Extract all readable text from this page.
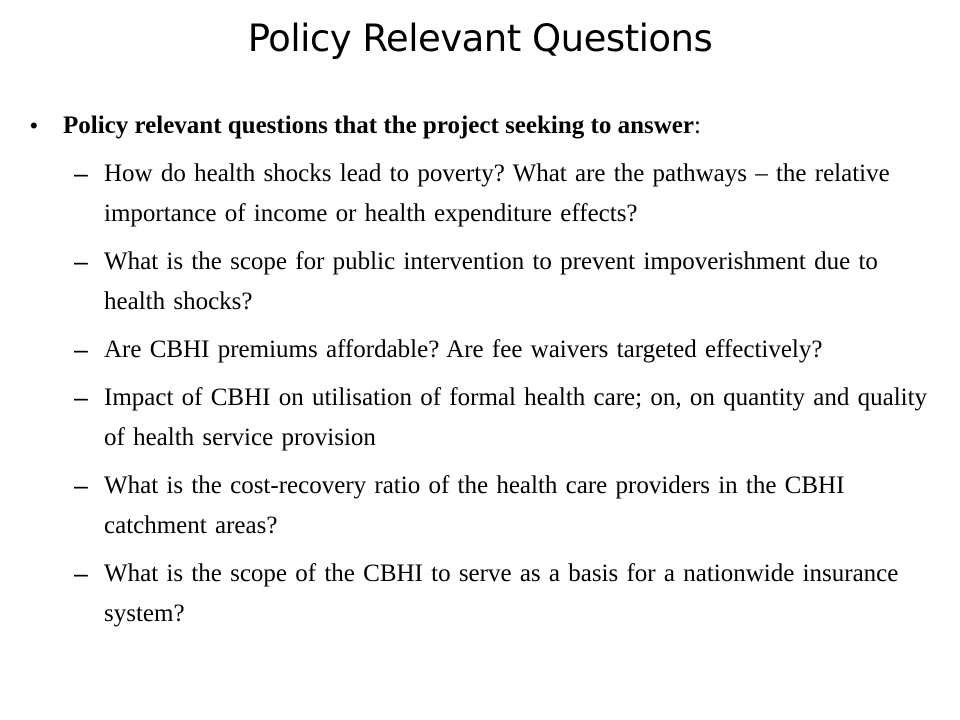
Policy Relevant Questions
• Policy relevant questions that the project seeking to answer:
– How do health shocks lead to poverty? What are the pathways – the relative importance of income or health expenditure effects?
– What is the scope for public intervention to prevent impoverishment due to health shocks?
– Are CBHI premiums affordable? Are fee waivers targeted effectively?
– Impact of CBHI on utilisation of formal health care; on, on quantity and quality of health service provision
– What is the cost-recovery ratio of the health care providers in the CBHI catchment areas?
– What is the scope of the CBHI to serve as a basis for a nationwide insurance system?
